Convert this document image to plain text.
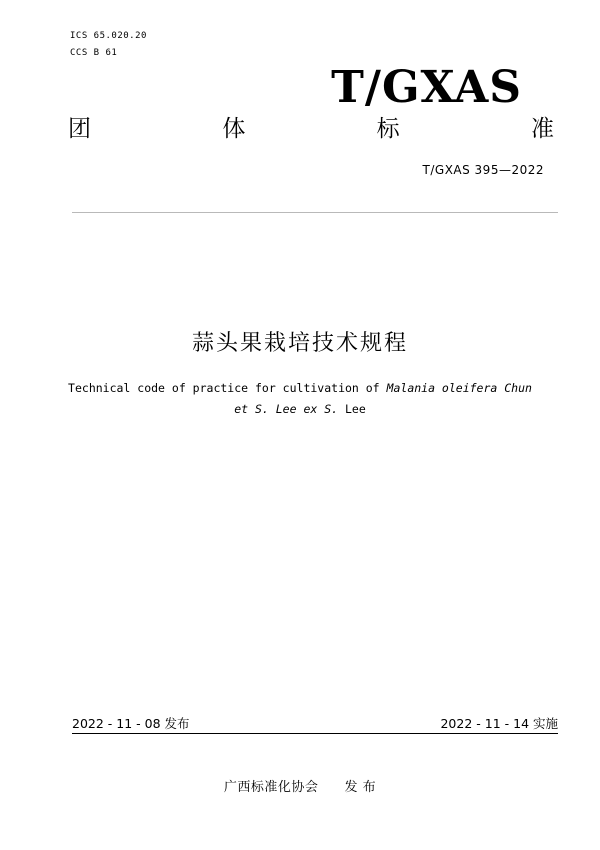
ICS 65.020.20
CCS B 61
T/GXAS
团	体	标	准
T/GXAS 395—2022
蒜头果栽培技术规程
Technical code of practice for cultivation of Malania oleifera Chun et S. Lee ex S. Lee
2022 - 11 - 08 发布	2022 - 11 - 14 实施
广西标准化协会 发 布
